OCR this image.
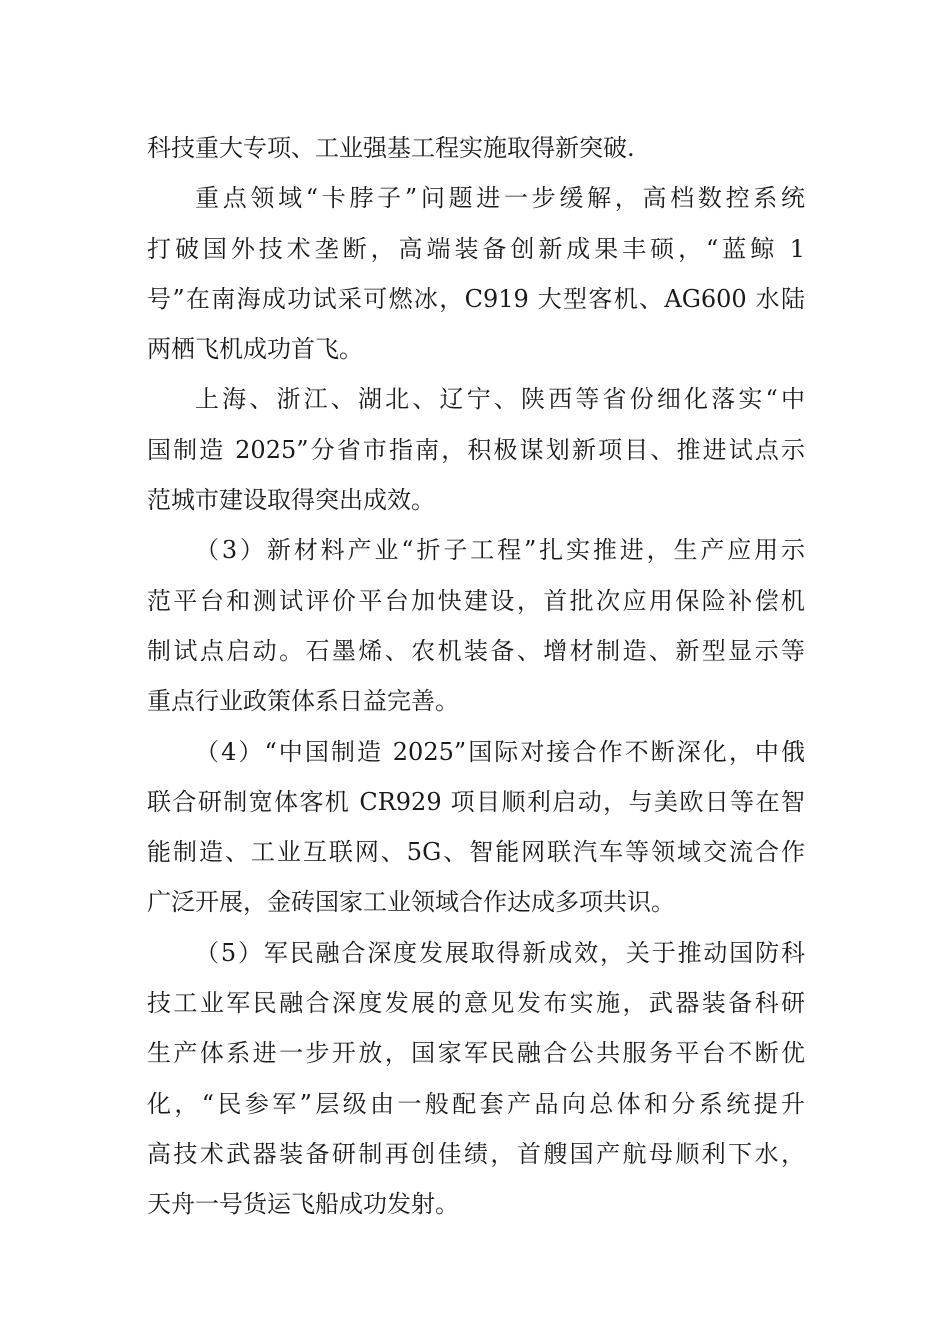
科技重大专项、工业强基工程实施取得新突破.
重点领域“卡脖子”问题进一步缓解，高档数控系统
打破国外技术垄断，高端装备创新成果丰硕，“蓝鲸 1
号”在南海成功试采可燃冰，C919 大型客机、AG600 水陆
两栖飞机成功首飞。
上海、浙江、湖北、辽宁、陕西等省份细化落实“中
国制造 2025”分省市指南，积极谋划新项目、推进试点示
范城市建设取得突出成效。
（3）新材料产业“折子工程”扎实推进，生产应用示
范平台和测试评价平台加快建设，首批次应用保险补偿机
制试点启动。石墨烯、农机装备、增材制造、新型显示等
重点行业政策体系日益完善。
（4）“中国制造 2025”国际对接合作不断深化，中俄
联合研制宽体客机 CR929 项目顺利启动，与美欧日等在智
能制造、工业互联网、5G、智能网联汽车等领域交流合作
广泛开展，金砖国家工业领域合作达成多项共识。
（5）军民融合深度发展取得新成效，关于推动国防科
技工业军民融合深度发展的意见发布实施，武器装备科研
生产体系进一步开放，国家军民融合公共服务平台不断优
化，“民参军”层级由一般配套产品向总体和分系统提升
高技术武器装备研制再创佳绩，首艘国产航母顺利下水，
天舟一号货运飞船成功发射。
